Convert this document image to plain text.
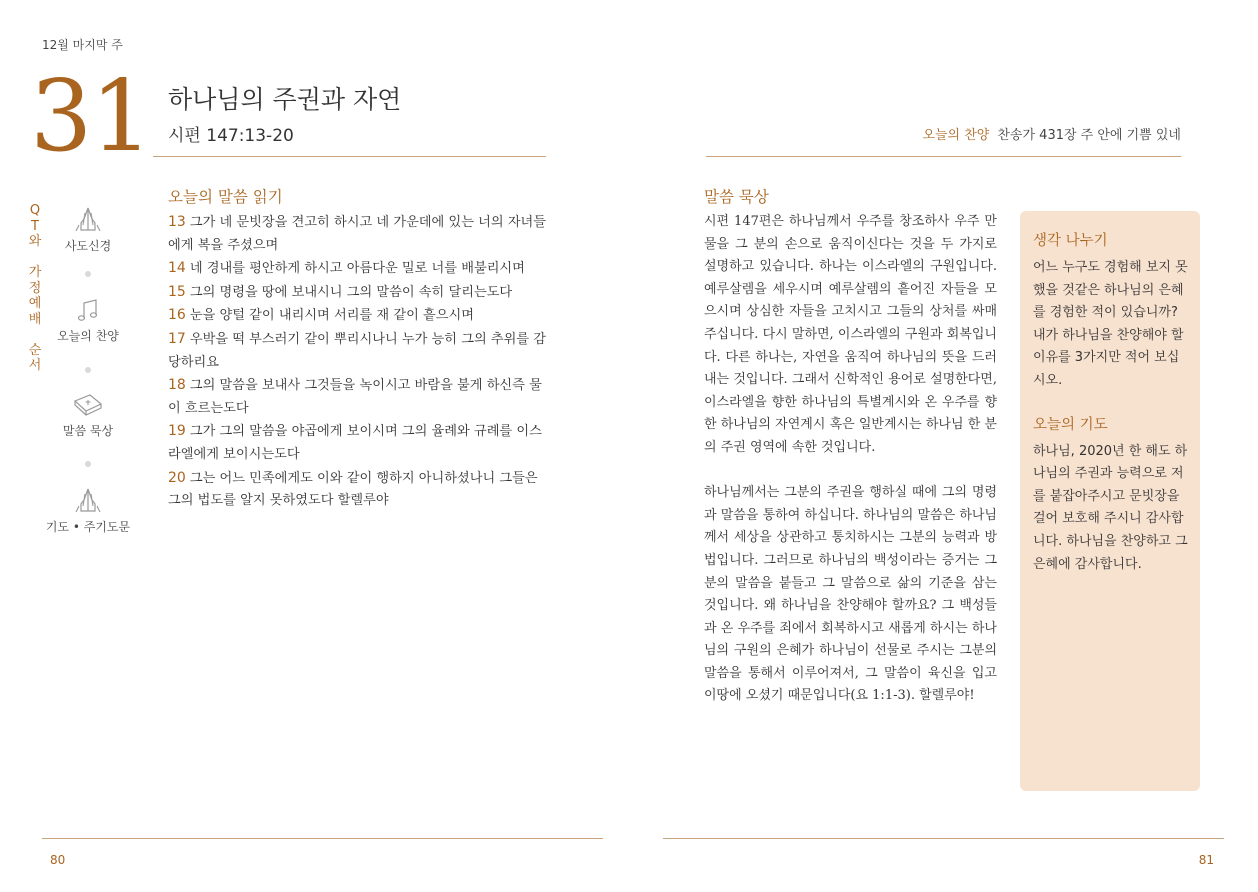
12월 마지막 주
31 하나님의 주권과 자연
시편 147:13-20	오늘의 찬양 찬송가 431장 주 안에 기쁨 있네
Q
T
와
가
정
예
배
순
서
사도신경
오늘의 찬양
말씀 묵상
기도 • 주기도문
오늘의 말씀 읽기
13 그가 네 문빗장을 견고히 하시고 네 가운데에 있는 너의 자녀들에게 복을 주셨으며
14 네 경내를 평안하게 하시고 아름다운 밀로 너를 배불리시며
15 그의 명령을 땅에 보내시니 그의 말씀이 속히 달리는도다
16 눈을 양털 같이 내리시며 서리를 재 같이 흩으시며
17 우박을 떡 부스러기 같이 뿌리시나니 누가 능히 그의 추위를 감당하리요
18 그의 말씀을 보내사 그것들을 녹이시고 바람을 불게 하신즉 물이 흐르는도다
19 그가 그의 말씀을 야곱에게 보이시며 그의 율례와 규례를 이스라엘에게 보이시는도다
20 그는 어느 민족에게도 이와 같이 행하지 아니하셨나니 그들은 그의 법도를 알지 못하였도다 할렐루야
말씀 묵상

시편 147편은 하나님께서 우주를 창조하사 우주 만물을 그 분의 손으로 움직이신다는 것을 두 가지로 설명하고 있습니다. 하나는 이스라엘의 구원입니다. 예루살렘을 세우시며 예루살렘의 흩어진 자들을 모으시며 상심한 자들을 고치시고 그들의 상처를 싸매주십니다. 다시 말하면, 이스라엘의 구원과 회복입니다. 다른 하나는, 자연을 움직여 하나님의 뜻을 드러내는 것입니다. 그래서 신학적인 용어로 설명한다면, 이스라엘을 향한 하나님의 특별계시와 온 우주를 향한 하나님의 자연계시 혹은 일반계시는 하나님 한 분의 주권 영역에 속한 것입니다.

하나님께서는 그분의 주권을 행하실 때에 그의 명령과 말씀을 통하여 하십니다. 하나님의 말씀은 하나님께서 세상을 상관하고 통치하시는 그분의 능력과 방법입니다. 그러므로 하나님의 백성이라는 증거는 그분의 말씀을 붙들고 그 말씀으로 삶의 기준을 삼는 것입니다. 왜 하나님을 찬양해야 할까요? 그 백성들과 온 우주를 죄에서 회복하시고 새롭게 하시는 하나님의 구원의 은혜가 하나님이 선물로 주시는 그분의 말씀을 통해서 이루어져서, 그 말씀이 육신을 입고 이땅에 오셨기 때문입니다(요 1:1-3). 할렐루야!

생각 나누기

어느 누구도 경험해 보지 못했을 것같은 하나님의 은혜를 경험한 적이 있습니까? 내가 하나님을 찬양해야 할 이유를 3가지만 적어 보십시오.

오늘의 기도

하나님, 2020년 한 해도 하나님의 주권과 능력으로 저를 붙잡아주시고 문빗장을 걸어 보호해 주시니 감사합니다. 하나님을 찬양하고 그 은혜에 감사합니다.

80	81
